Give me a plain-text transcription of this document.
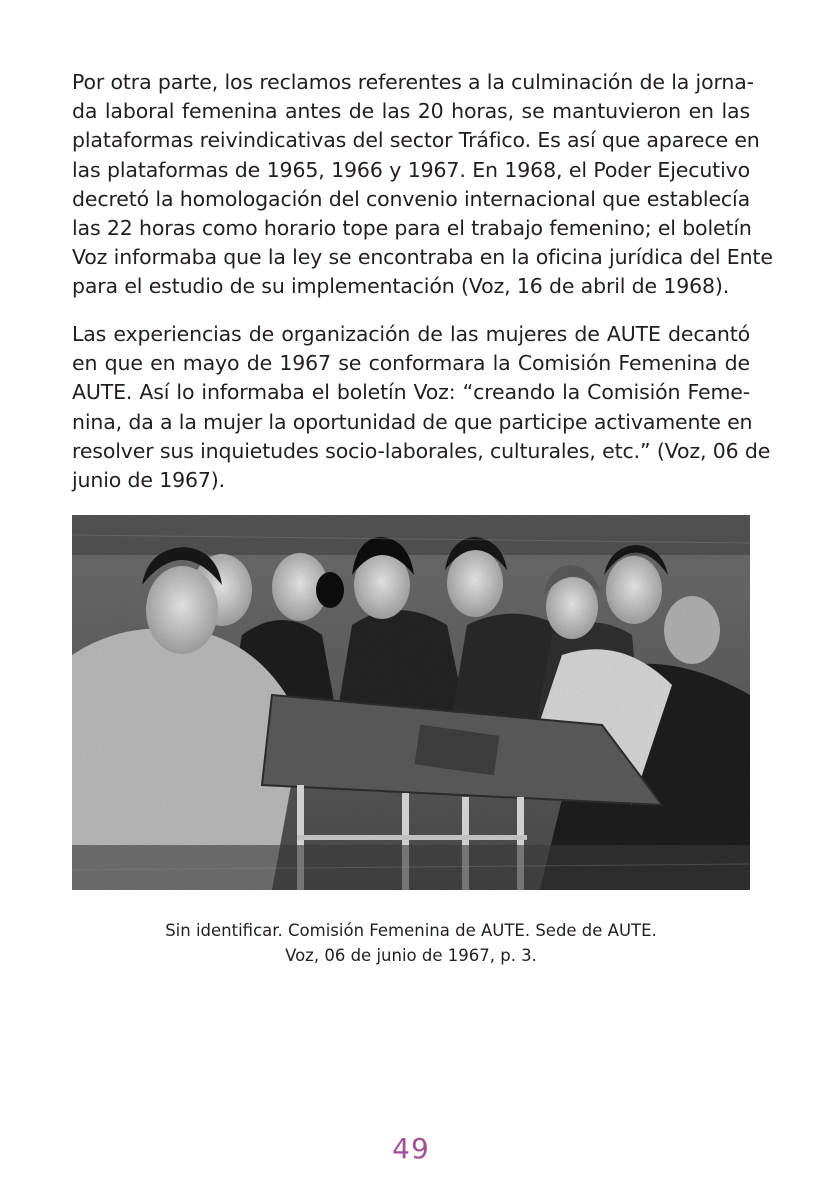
Por otra parte, los reclamos referentes a la culminación de la jorna-
da laboral femenina antes de las 20 horas, se mantuvieron en las
plataformas reivindicativas del sector Tráfico. Es así que aparece en
las plataformas de 1965, 1966 y 1967. En 1968, el Poder Ejecutivo
decretó la homologación del convenio internacional que establecía
las 22 horas como horario tope para el trabajo femenino; el boletín
Voz informaba que la ley se encontraba en la oficina jurídica del Ente
para el estudio de su implementación (Voz, 16 de abril de 1968).
Las experiencias de organización de las mujeres de AUTE decantó
en que en mayo de 1967 se conformara la Comisión Femenina de
AUTE. Así lo informaba el boletín Voz: “creando la Comisión Feme-
nina, da a la mujer la oportunidad de que participe activamente en
resolver sus inquietudes socio-laborales, culturales, etc.” (Voz, 06 de
junio de 1967).
Sin identificar. Comisión Femenina de AUTE. Sede de AUTE.
Voz, 06 de junio de 1967, p. 3.
49
